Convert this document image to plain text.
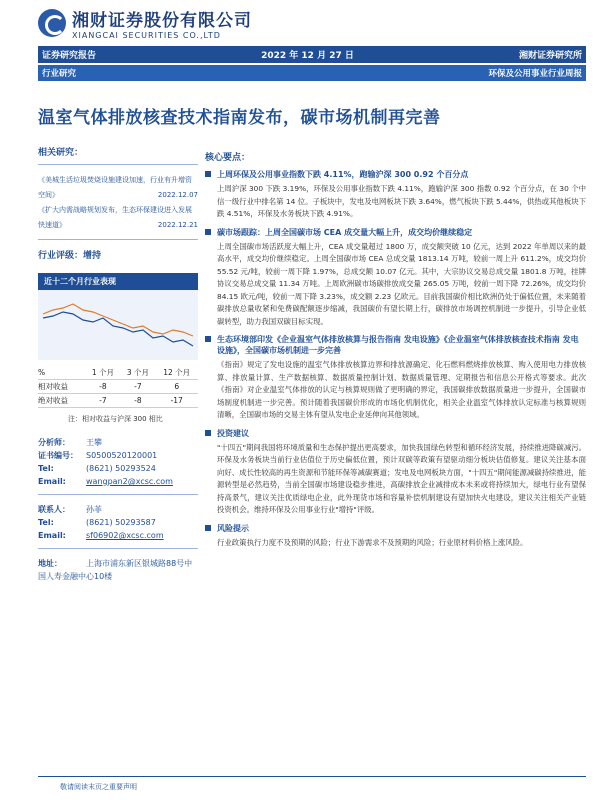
湘财证券股份有限公司
XIANGCAI SECURITIES CO.,LTD
证券研究报告	2022 年 12 月 27 日	湘财证券研究所
行业研究	环保及公用事业行业周报
温室气体排放核查技术指南发布，碳市场机制再完善
相关研究：
《美城生活垃圾焚烧设施建设加速，行业有升增资空间》	2022.12.07
《扩大内需战略规划发布，生态环保建设进入发展快速道》	2022.12.21
行业评级：增持
近十二个月行业表现
%	1 个月	3 个月	12 个月
相对收益	-8	-7	6
绝对收益	-7	-8	-17
注：相对收益与沪深 300 相比
分析师： 王攀
证书编号： S0500520120001
Tel:	(8621) 50293524
Email:	wangpan2@xcsc.com
联系人： 孙菲
Tel:	(8621) 50293587
Email:	sf06902@xcsc.com
地址：	上海市浦东新区银城路88号中国人寿金融中心10楼
核心要点：
上周环保及公用事业指数下跌 4.11%，跑输沪深 300 0.92 个百分点
上周沪深 300 下跌 3.19%，环保及公用事业指数下跌 4.11%，跑输沪深 300 指数 0.92 个百分点，在 30 个中信一级行业中排名第 14 位。子板块中，发电及电网板块下跌 3.64%，燃气板块下跌 5.44%，供热或其他板块下跌 4.51%，环保及水务板块下跌 4.91%。
碳市场跟踪：上周全国碳市场 CEA 成交量大幅上升，成交均价继续稳定
上周全国碳市场活跃度大幅上升，CEA 成交量超过 1800 万，成交额突破 10 亿元，达到 2022 年单周以来的最高水平，成交均价继续稳定。上周全国碳市场 CEA 总成交量 1813.14 万吨，较前一周上升 611.2%，成交均价 55.52 元/吨，较前一周下降 1.97%，总成交额 10.07 亿元。其中，大宗协议交易总成交量 1801.8 万吨，挂牌协议交易总成交量 11.34 万吨。上周欧洲碳市场碳排放成交量 265.05 万吨，较前一周下降 72.26%，成交均价 84.15 欧元/吨，较前一周下降 3.23%，成交额 2.23 亿欧元。目前我国碳价相比欧洲仍处于偏低位置，未来随着碳排放总量收紧和免费碳配额逐步缩减，我国碳价有望长期上行，碳排放市场调控机制进一步提升，引导企业低碳转型，助力我国双碳目标实现。
生态环境部印发《企业温室气体排放核算与报告指南 发电设施》《企业温室气体排放核查技术指南 发电设施》，全国碳市场机制进一步完善
《指南》规定了发电设施的温室气体排放核算边界和排放源确定、化石燃料燃烧排放核算、购入使用电力排放核算、排放量计算、生产数据核算、数据质量控制计划、数据质量管理、定期报告和信息公开格式等要求。此次《指南》对企业温室气体排放的认定与核算规则做了更明确的界定，我国碳排放数据质量进一步提升，全国碳市场制度机制进一步完善。预计随着我国碳价形成的市场化机制优化，相关企业温室气体排放认定标准与核算规则清晰，全国碳市场的交易主体有望从发电企业延伸向其他领域。
投资建议
"十四五"期间我国将环境质量和生态保护提出更高要求，加快我国绿色转型和循环经济发展，持续推进降碳减污。环保及水务板块当前行业估值位于历史偏低位置，预计双碳等政策有望驱动细分板块估值修复。建议关注基本面向好、成长性较高的再生资源和节能环保等减碳赛道；发电及电网板块方面，"十四五"期间能源减碳持续推进，能源转型是必然趋势，当前全国碳市场建设稳步推进，高碳排放企业减排成本未来或将持续加大，绿电行业有望保持高景气，建议关注优质绿电企业，此外现货市场和容量补偿机制建设有望加快火电建设，建议关注相关产业链投资机会。维持环保及公用事业行业"增持"评级。
风险提示
行业政策执行力度不及预期的风险；行业下游需求不及预期的风险；行业原材料价格上涨风险。
敬请阅读末页之重要声明
